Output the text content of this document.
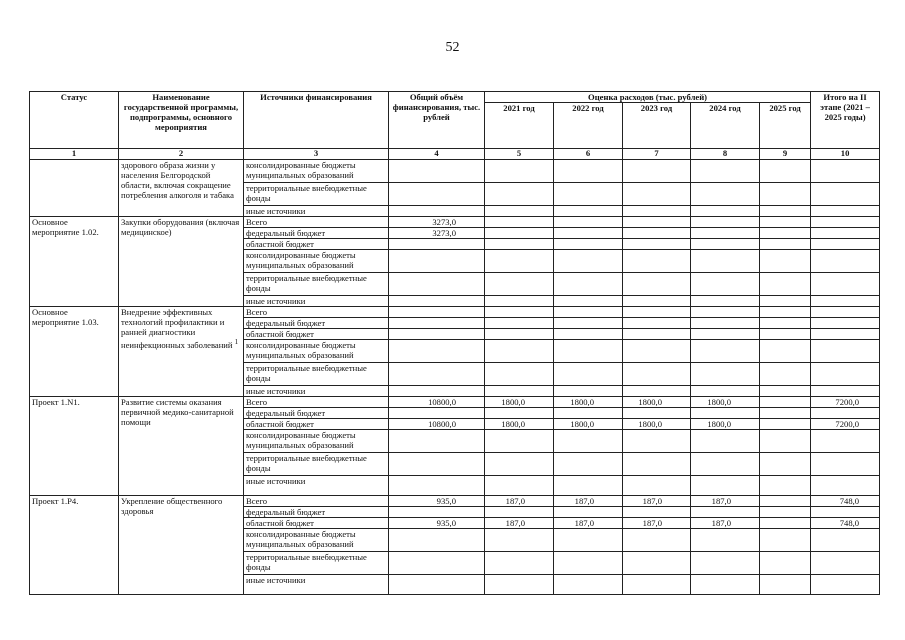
52
Статус	Наименование государственной программы, подпрограммы, основного мероприятия	Источники финансирования	Общий объём финансирования, тыс. рублей	Оценка расходов (тыс. рублей)					Итого на II этапе (2021 – 2025 годы)
				2021 год	2022 год	2023 год	2024 год	2025 год	
1	2	3	4	5	6	7	8	9	10
	здорового образа жизни у населения Белгородской области, включая сокращение потребления алкоголя и табака	консолидированные бюджеты муниципальных образований							
		территориальные внебюджетные фонды							
		иные источники							
Основное мероприятие 1.02.	Закупки оборудования (включая медицинское)	Всего	3273,0						
		федеральный бюджет	3273,0						
		областной бюджет							
		консолидированные бюджеты муниципальных образований							
		территориальные внебюджетные фонды							
		иные источники							
Основное мероприятие 1.03.	Внедрение эффективных технологий профилактики и ранней диагностики неинфекционных заболеваний $^1$	Всего							
		федеральный бюджет							
		областной бюджет							
		консолидированные бюджеты муниципальных образований							
		территориальные внебюджетные фонды							
		иные источники							
Проект 1.N1.	Развитие системы оказания первичной медико-санитарной помощи	Всего	10800,0	1800,0	1800,0	1800,0	1800,0		7200,0
		федеральный бюджет							
		областной бюджет	10800,0	1800,0	1800,0	1800,0	1800,0		7200,0
		консолидированные бюджеты муниципальных образований							
		территориальные внебюджетные фонды							
		иные источники							
Проект 1.P4.	Укрепление общественного здоровья	Всего	935,0	187,0	187,0	187,0	187,0		748,0
		федеральный бюджет							
		областной бюджет	935,0	187,0	187,0	187,0	187,0		748,0
		консолидированные бюджеты муниципальных образований							
		территориальные внебюджетные фонды							
		иные источники							
